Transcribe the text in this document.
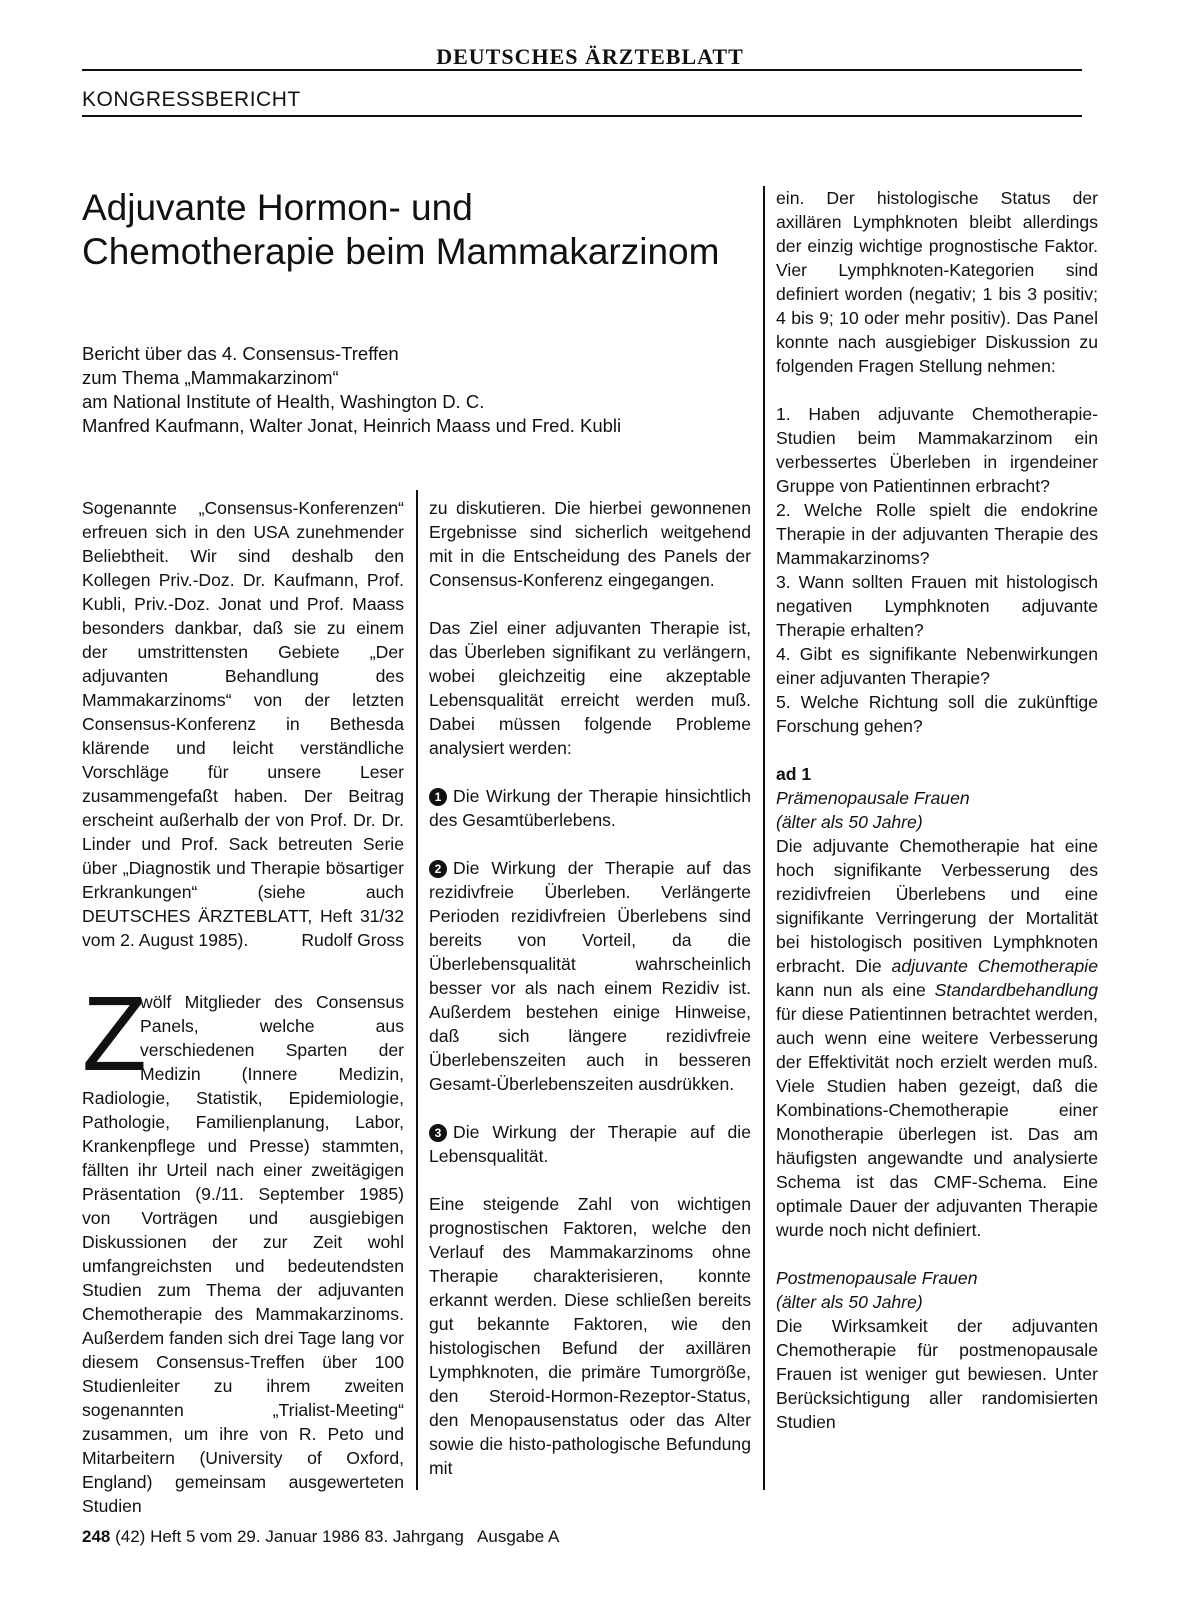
DEUTSCHES ÄRZTEBLATT
KONGRESSBERICHT
Adjuvante Hormon- und Chemotherapie beim Mammakarzinom
Bericht über das 4. Consensus-Treffen
zum Thema „Mammakarzinom“
am National Institute of Health, Washington D. C.
Manfred Kaufmann, Walter Jonat, Heinrich Maass und Fred. Kubli

Sogenannte „Consensus-Konferenzen“ erfreuen sich in den USA zunehmender Beliebtheit. Wir sind deshalb den Kollegen Priv.-Doz. Dr. Kaufmann, Prof. Kubli, Priv.-Doz. Jonat und Prof. Maass besonders dankbar, daß sie zu einem der umstrittensten Gebiete „Der adjuvanten Behandlung des Mammakarzinoms“ von der letzten Consensus-Konferenz in Bethesda klärende und leicht verständliche Vorschläge für unsere Leser zusammengefaßt haben. Der Beitrag erscheint außerhalb der von Prof. Dr. Dr. Linder und Prof. Sack betreuten Serie über „Diagnostik und Therapie bösartiger Erkrankungen“ (siehe auch DEUTSCHES ÄRZTEBLATT, Heft 31/32 vom 2. August 1985).	Rudolf Gross

Z
wölf Mitglieder des Consensus Panels, welche aus verschiedenen Sparten der Medizin (Innere Medizin, Radiologie, Statistik, Epidemiologie, Pathologie, Familienplanung, Labor, Krankenpflege und Presse) stammten, fällten ihr Urteil nach einer zweitägigen Präsentation (9./11. September 1985) von Vorträgen und ausgiebigen Diskussionen der zur Zeit wohl umfangreichsten und bedeutendsten Studien zum Thema der adjuvanten Chemotherapie des Mammakarzinoms. Außerdem fanden sich drei Tage lang vor diesem Consensus-Treffen über 100 Studienleiter zu ihrem zweiten sogenannten „Trialist-Meeting“ zusammen, um ihre von R. Peto und Mitarbeitern (University of Oxford, England) gemeinsam ausgewerteten Studien

zu diskutieren. Die hierbei gewonnenen Ergebnisse sind sicherlich weitgehend mit in die Entscheidung des Panels der Consensus-Konferenz eingegangen.

Das Ziel einer adjuvanten Therapie ist, das Überleben signifikant zu verlängern, wobei gleichzeitig eine akzeptable Lebensqualität erreicht werden muß. Dabei müssen folgende Probleme analysiert werden:

1 Die Wirkung der Therapie hinsichtlich des Gesamtüberlebens.

2 Die Wirkung der Therapie auf das rezidivfreie Überleben. Verlängerte Perioden rezidivfreien Überlebens sind bereits von Vorteil, da die Überlebensqualität wahrscheinlich besser vor als nach einem Rezidiv ist. Außerdem bestehen einige Hinweise, daß sich längere rezidivfreie Überlebenszeiten auch in besseren Gesamt-Überlebenszeiten ausdrükken.

3 Die Wirkung der Therapie auf die Lebensqualität.

Eine steigende Zahl von wichtigen prognostischen Faktoren, welche den Verlauf des Mammakarzinoms ohne Therapie charakterisieren, konnte erkannt werden. Diese schließen bereits gut bekannte Faktoren, wie den histologischen Befund der axillären Lymphknoten, die primäre Tumorgröße, den Steroid-Hormon-Rezeptor-Status, den Menopausenstatus oder das Alter sowie die histo-pathologische Befundung mit

ein. Der histologische Status der axillären Lymphknoten bleibt allerdings der einzig wichtige prognostische Faktor. Vier Lymphknoten-Kategorien sind definiert worden (negativ; 1 bis 3 positiv; 4 bis 9; 10 oder mehr positiv). Das Panel konnte nach ausgiebiger Diskussion zu folgenden Fragen Stellung nehmen:

1. Haben adjuvante Chemotherapie-Studien beim Mammakarzinom ein verbessertes Überleben in irgendeiner Gruppe von Patientinnen erbracht?

2. Welche Rolle spielt die endokrine Therapie in der adjuvanten Therapie des Mammakarzinoms?

3. Wann sollten Frauen mit histologisch negativen Lymphknoten adjuvante Therapie erhalten?

4. Gibt es signifikante Nebenwirkungen einer adjuvanten Therapie?

5. Welche Richtung soll die zukünftige Forschung gehen?

ad 1

Prämenopausale Frauen

(älter als 50 Jahre)

Die adjuvante Chemotherapie hat eine hoch signifikante Verbesserung des rezidivfreien Überlebens und eine signifikante Verringerung der Mortalität bei histologisch positiven Lymphknoten erbracht. Die adjuvante Chemotherapie kann nun als eine Standardbehandlung für diese Patientinnen betrachtet werden, auch wenn eine weitere Verbesserung der Effektivität noch erzielt werden muß. Viele Studien haben gezeigt, daß die Kombinations-Chemotherapie einer Monotherapie überlegen ist. Das am häufigsten angewandte und analysierte Schema ist das CMF-Schema. Eine optimale Dauer der adjuvanten Therapie wurde noch nicht definiert.

Postmenopausale Frauen

(älter als 50 Jahre)

Die Wirksamkeit der adjuvanten Chemotherapie für postmenopausale Frauen ist weniger gut bewiesen. Unter Berücksichtigung aller randomisierten Studien

248 (42) Heft 5 vom 29. Januar 1986 83. Jahrgang   Ausgabe A
